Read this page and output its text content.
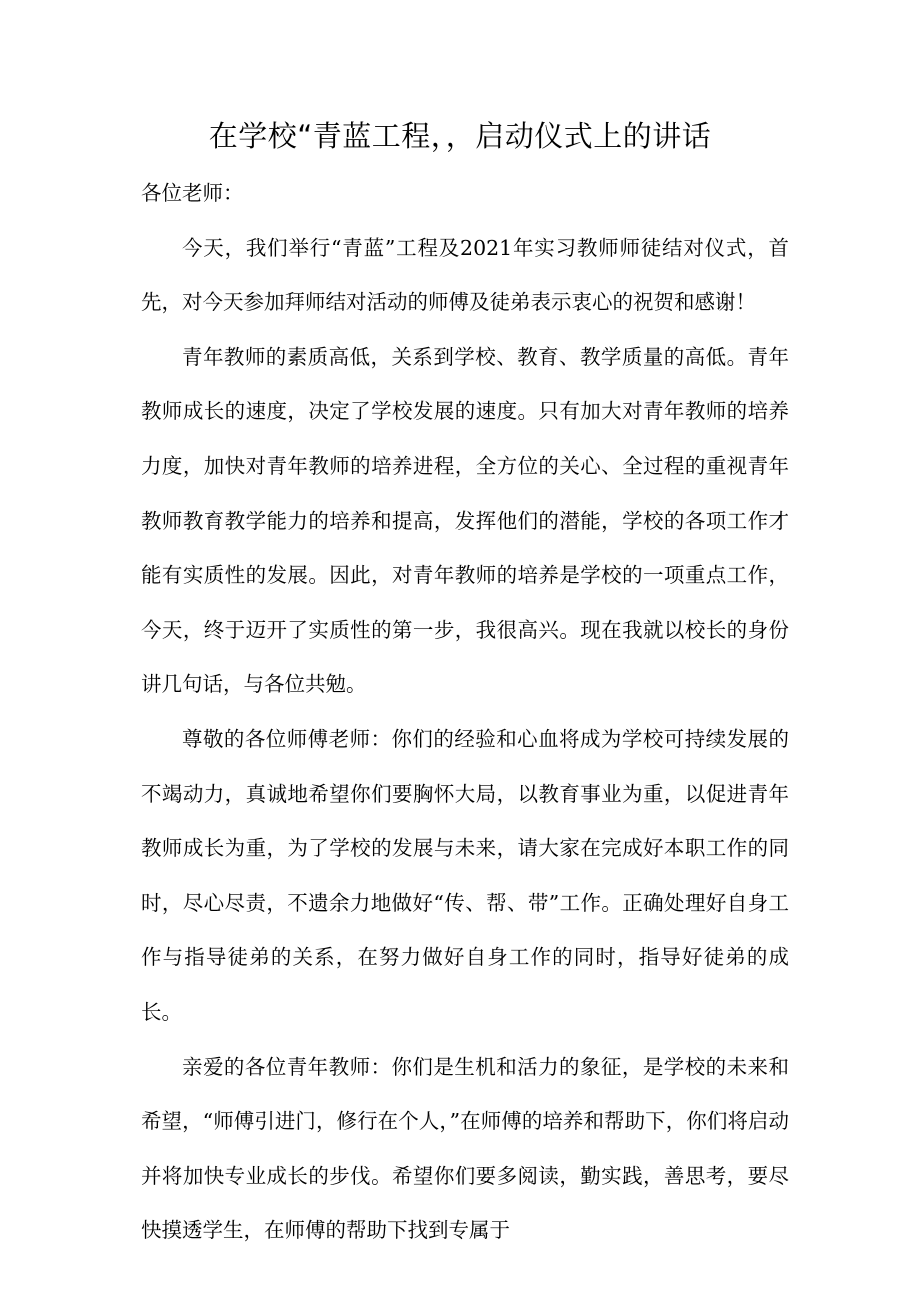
在学校“青蓝工程，，启动仪式上的讲话

各位老师：

今天，我们举行“青蓝”工程及2021年实习教师师徒结对仪式，首先，对今天参加拜师结对活动的师傅及徒弟表示衷心的祝贺和感谢！

青年教师的素质高低，关系到学校、教育、教学质量的高低。青年教师成长的速度，决定了学校发展的速度。只有加大对青年教师的培养力度，加快对青年教师的培养进程，全方位的关心、全过程的重视青年教师教育教学能力的培养和提高，发挥他们的潜能，学校的各项工作才能有实质性的发展。因此，对青年教师的培养是学校的一项重点工作，今天，终于迈开了实质性的第一步，我很高兴。现在我就以校长的身份讲几句话，与各位共勉。

尊敬的各位师傅老师：你们的经验和心血将成为学校可持续发展的不竭动力，真诚地希望你们要胸怀大局，以教育事业为重，以促进青年教师成长为重，为了学校的发展与未来，请大家在完成好本职工作的同时，尽心尽责，不遗余力地做好“传、帮、带”工作。正确处理好自身工作与指导徒弟的关系，在努力做好自身工作的同时，指导好徒弟的成长。

亲爱的各位青年教师：你们是生机和活力的象征，是学校的未来和希望，“师傅引进门，修行在个人，”在师傅的培养和帮助下，你们将启动并将加快专业成长的步伐。希望你们要多阅读，勤实践，善思考，要尽快摸透学生，在师傅的帮助下找到专属于
